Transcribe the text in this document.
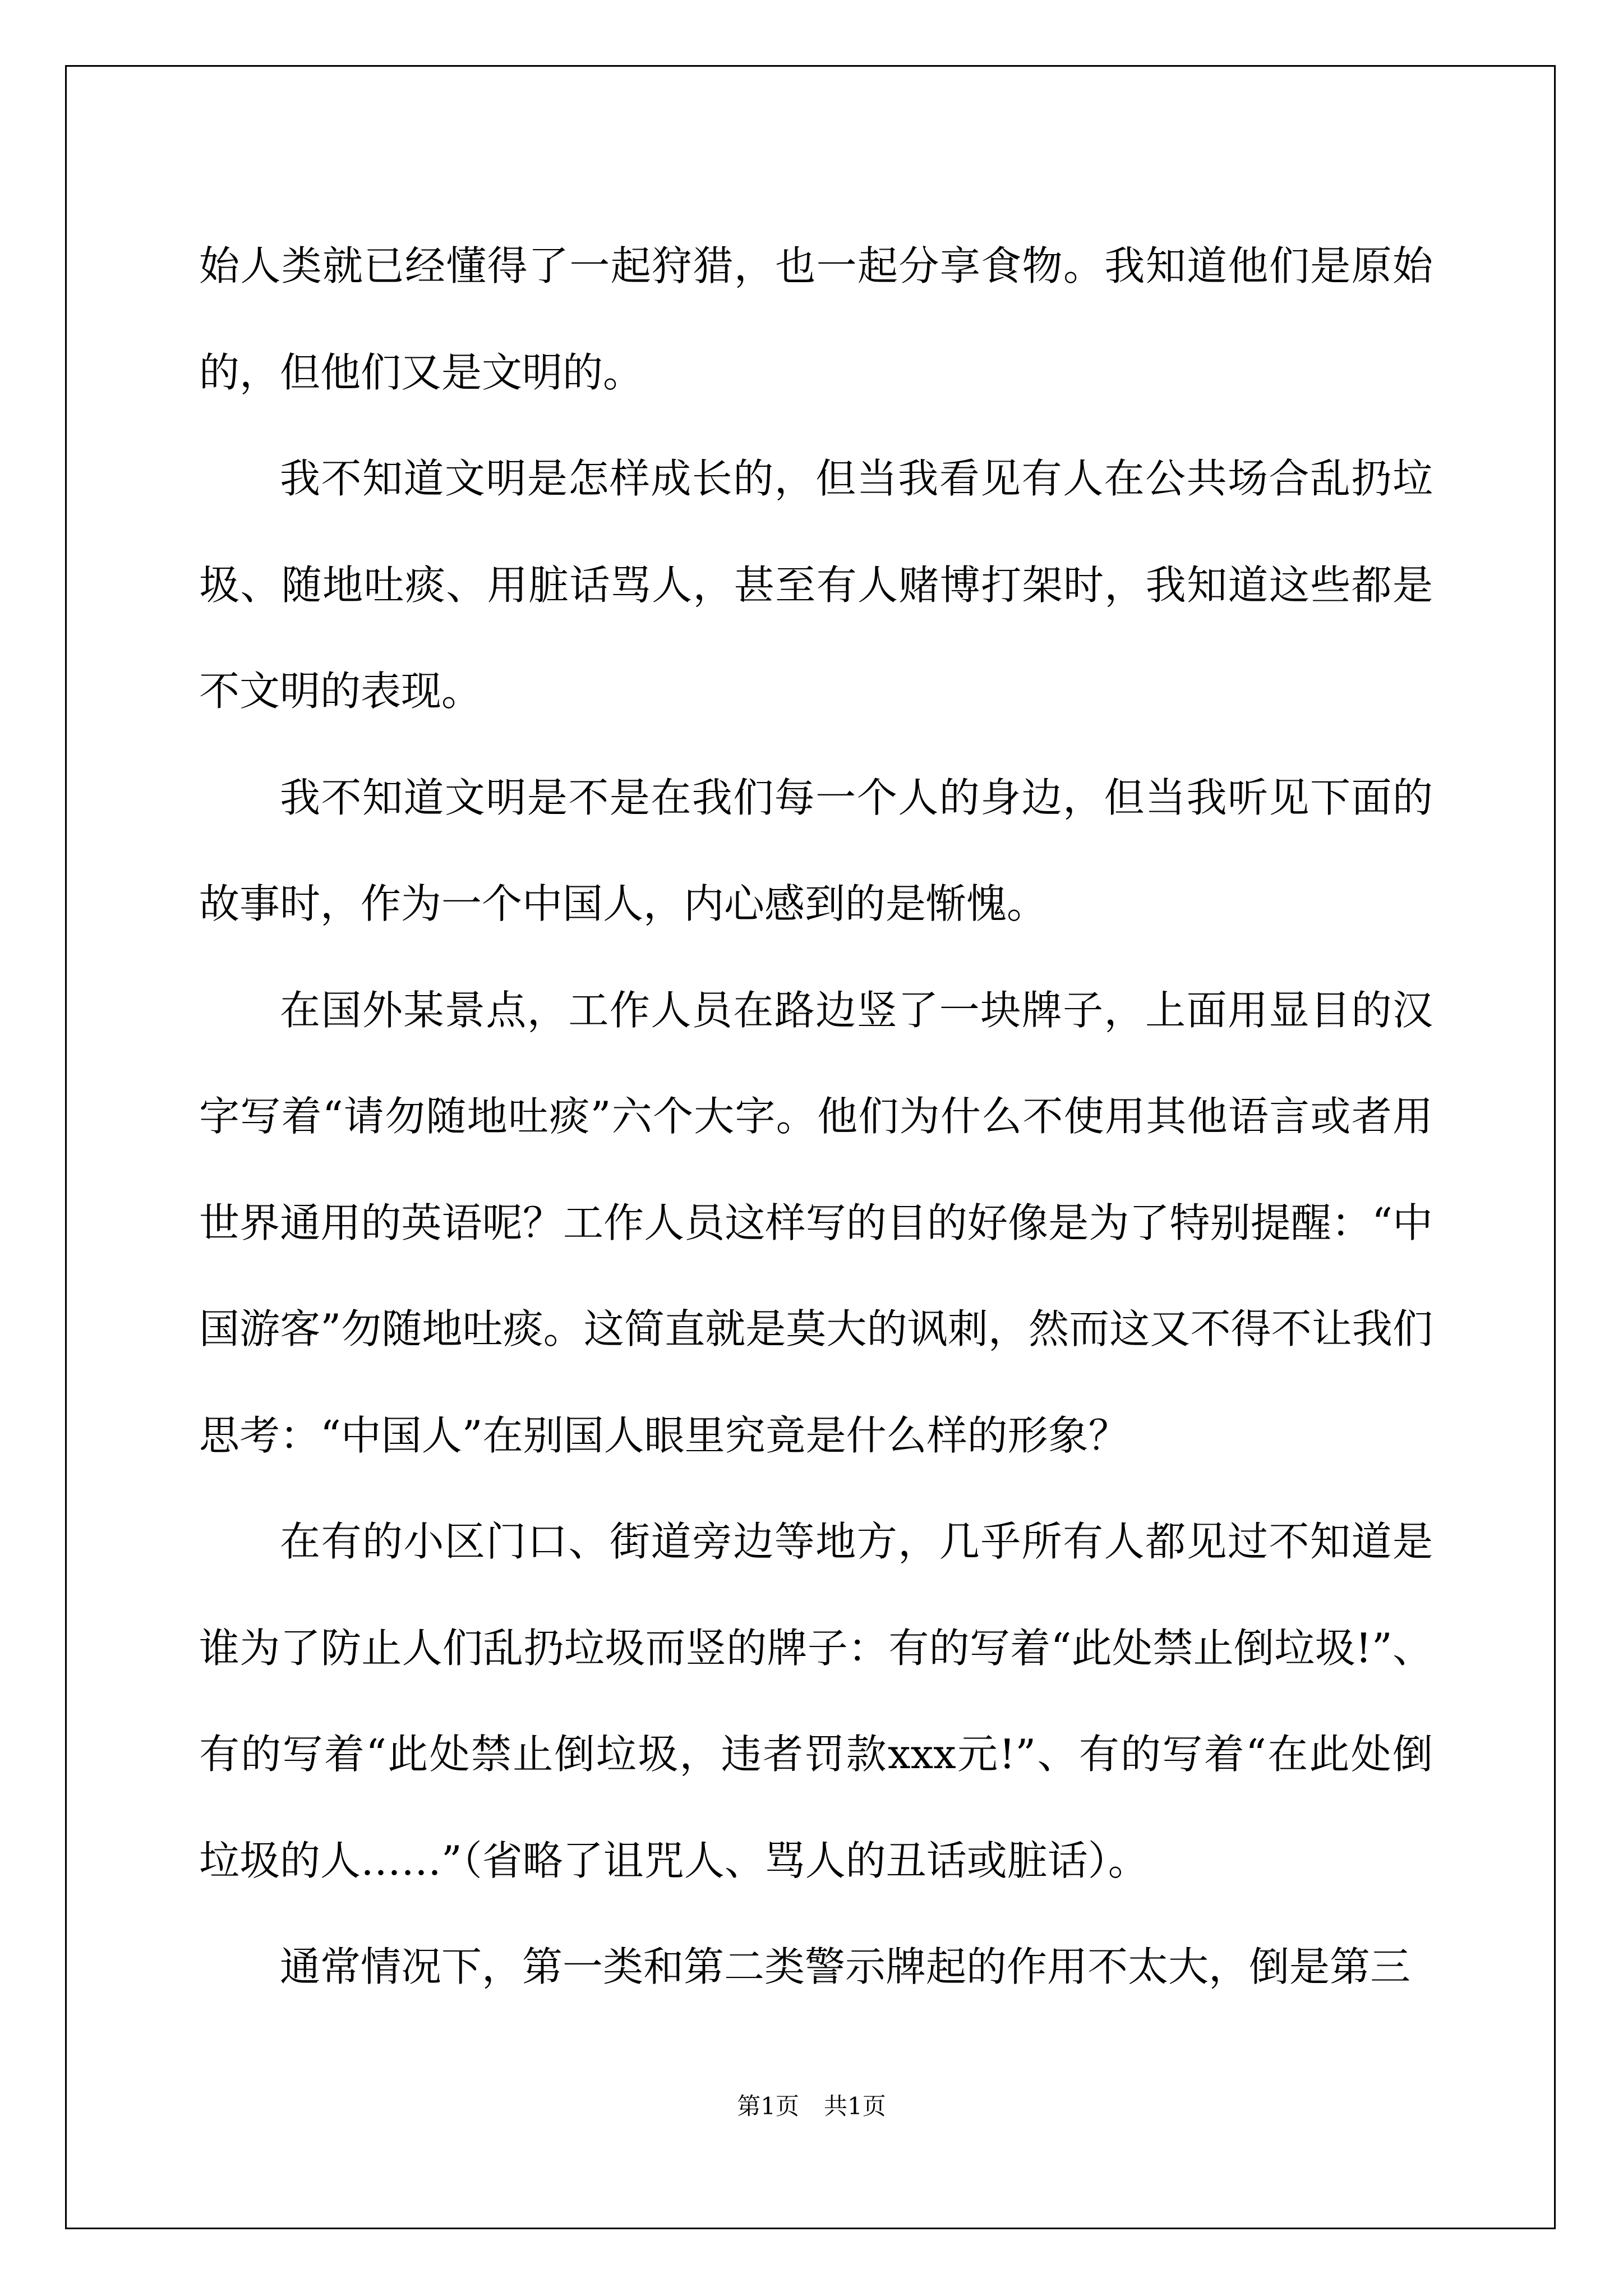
始人类就已经懂得了一起狩猎，也一起分享食物。我知道他们是原始的，但他们又是文明的。

我不知道文明是怎样成长的，但当我看见有人在公共场合乱扔垃圾、随地吐痰、用脏话骂人，甚至有人赌博打架时，我知道这些都是不文明的表现。

我不知道文明是不是在我们每一个人的身边，但当我听见下面的故事时，作为一个中国人，内心感到的是惭愧。

在国外某景点，工作人员在路边竖了一块牌子，上面用显目的汉字写着“请勿随地吐痰”六个大字。他们为什么不使用其他语言或者用世界通用的英语呢？工作人员这样写的目的好像是为了特别提醒：“中国游客”勿随地吐痰。这简直就是莫大的讽刺，然而这又不得不让我们思考：“中国人”在别国人眼里究竟是什么样的形象？

在有的小区门口、街道旁边等地方，几乎所有人都见过不知道是谁为了防止人们乱扔垃圾而竖的牌子：有的写着“此处禁止倒垃圾!”、有的写着“此处禁止倒垃圾，违者罚款xxx元!”、有的写着“在此处倒垃圾的人……”（省略了诅咒人、骂人的丑话或脏话）。

通常情况下，第一类和第二类警示牌起的作用不太大，倒是第三

第1页 共1页
